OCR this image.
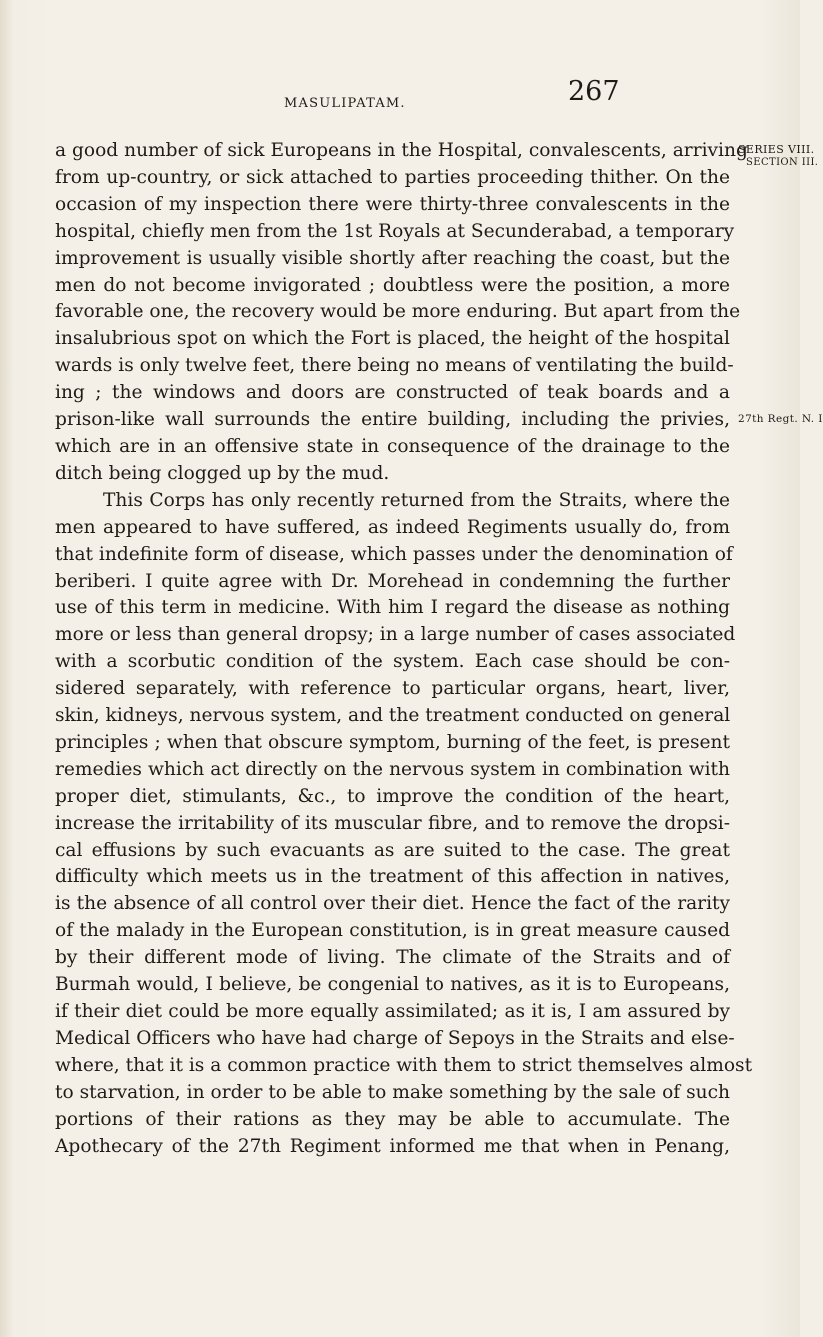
MASULIPATAM.	267
SERIES VIII.
SECTION III.
27th Regt. N. I

a good number of sick Europeans in the Hospital, convalescents, arriving
from up-country, or sick attached to parties proceeding thither. On the
occasion of my inspection there were thirty-three convalescents in the
hospital, chiefly men from the 1st Royals at Secunderabad, a temporary
improvement is usually visible shortly after reaching the coast, but the
men do not become invigorated ; doubtless were the position, a more
favorable one, the recovery would be more enduring. But apart from the
insalubrious spot on which the Fort is placed, the height of the hospital
wards is only twelve feet, there being no means of ventilating the build-
ing ; the windows and doors are constructed of teak boards and a
prison-like wall surrounds the entire building, including the privies,
which are in an offensive state in consequence of the drainage to the
ditch being clogged up by the mud.

This Corps has only recently returned from the Straits, where the
men appeared to have suffered, as indeed Regiments usually do, from
that indefinite form of disease, which passes under the denomination of
beriberi. I quite agree with Dr. Morehead in condemning the further
use of this term in medicine. With him I regard the disease as nothing
more or less than general dropsy; in a large number of cases associated
with a scorbutic condition of the system. Each case should be con-
sidered separately, with reference to particular organs, heart, liver,
skin, kidneys, nervous system, and the treatment conducted on general
principles ; when that obscure symptom, burning of the feet, is present
remedies which act directly on the nervous system in combination with
proper diet, stimulants, &c., to improve the condition of the heart,
increase the irritability of its muscular fibre, and to remove the dropsi-
cal effusions by such evacuants as are suited to the case. The great
difficulty which meets us in the treatment of this affection in natives,
is the absence of all control over their diet. Hence the fact of the rarity
of the malady in the European constitution, is in great measure caused
by their different mode of living. The climate of the Straits and of
Burmah would, I believe, be congenial to natives, as it is to Europeans,
if their diet could be more equally assimilated; as it is, I am assured by
Medical Officers who have had charge of Sepoys in the Straits and else-
where, that it is a common practice with them to strict themselves almost
to starvation, in order to be able to make something by the sale of such
portions of their rations as they may be able to accumulate. The
Apothecary of the 27th Regiment informed me that when in Penang,
